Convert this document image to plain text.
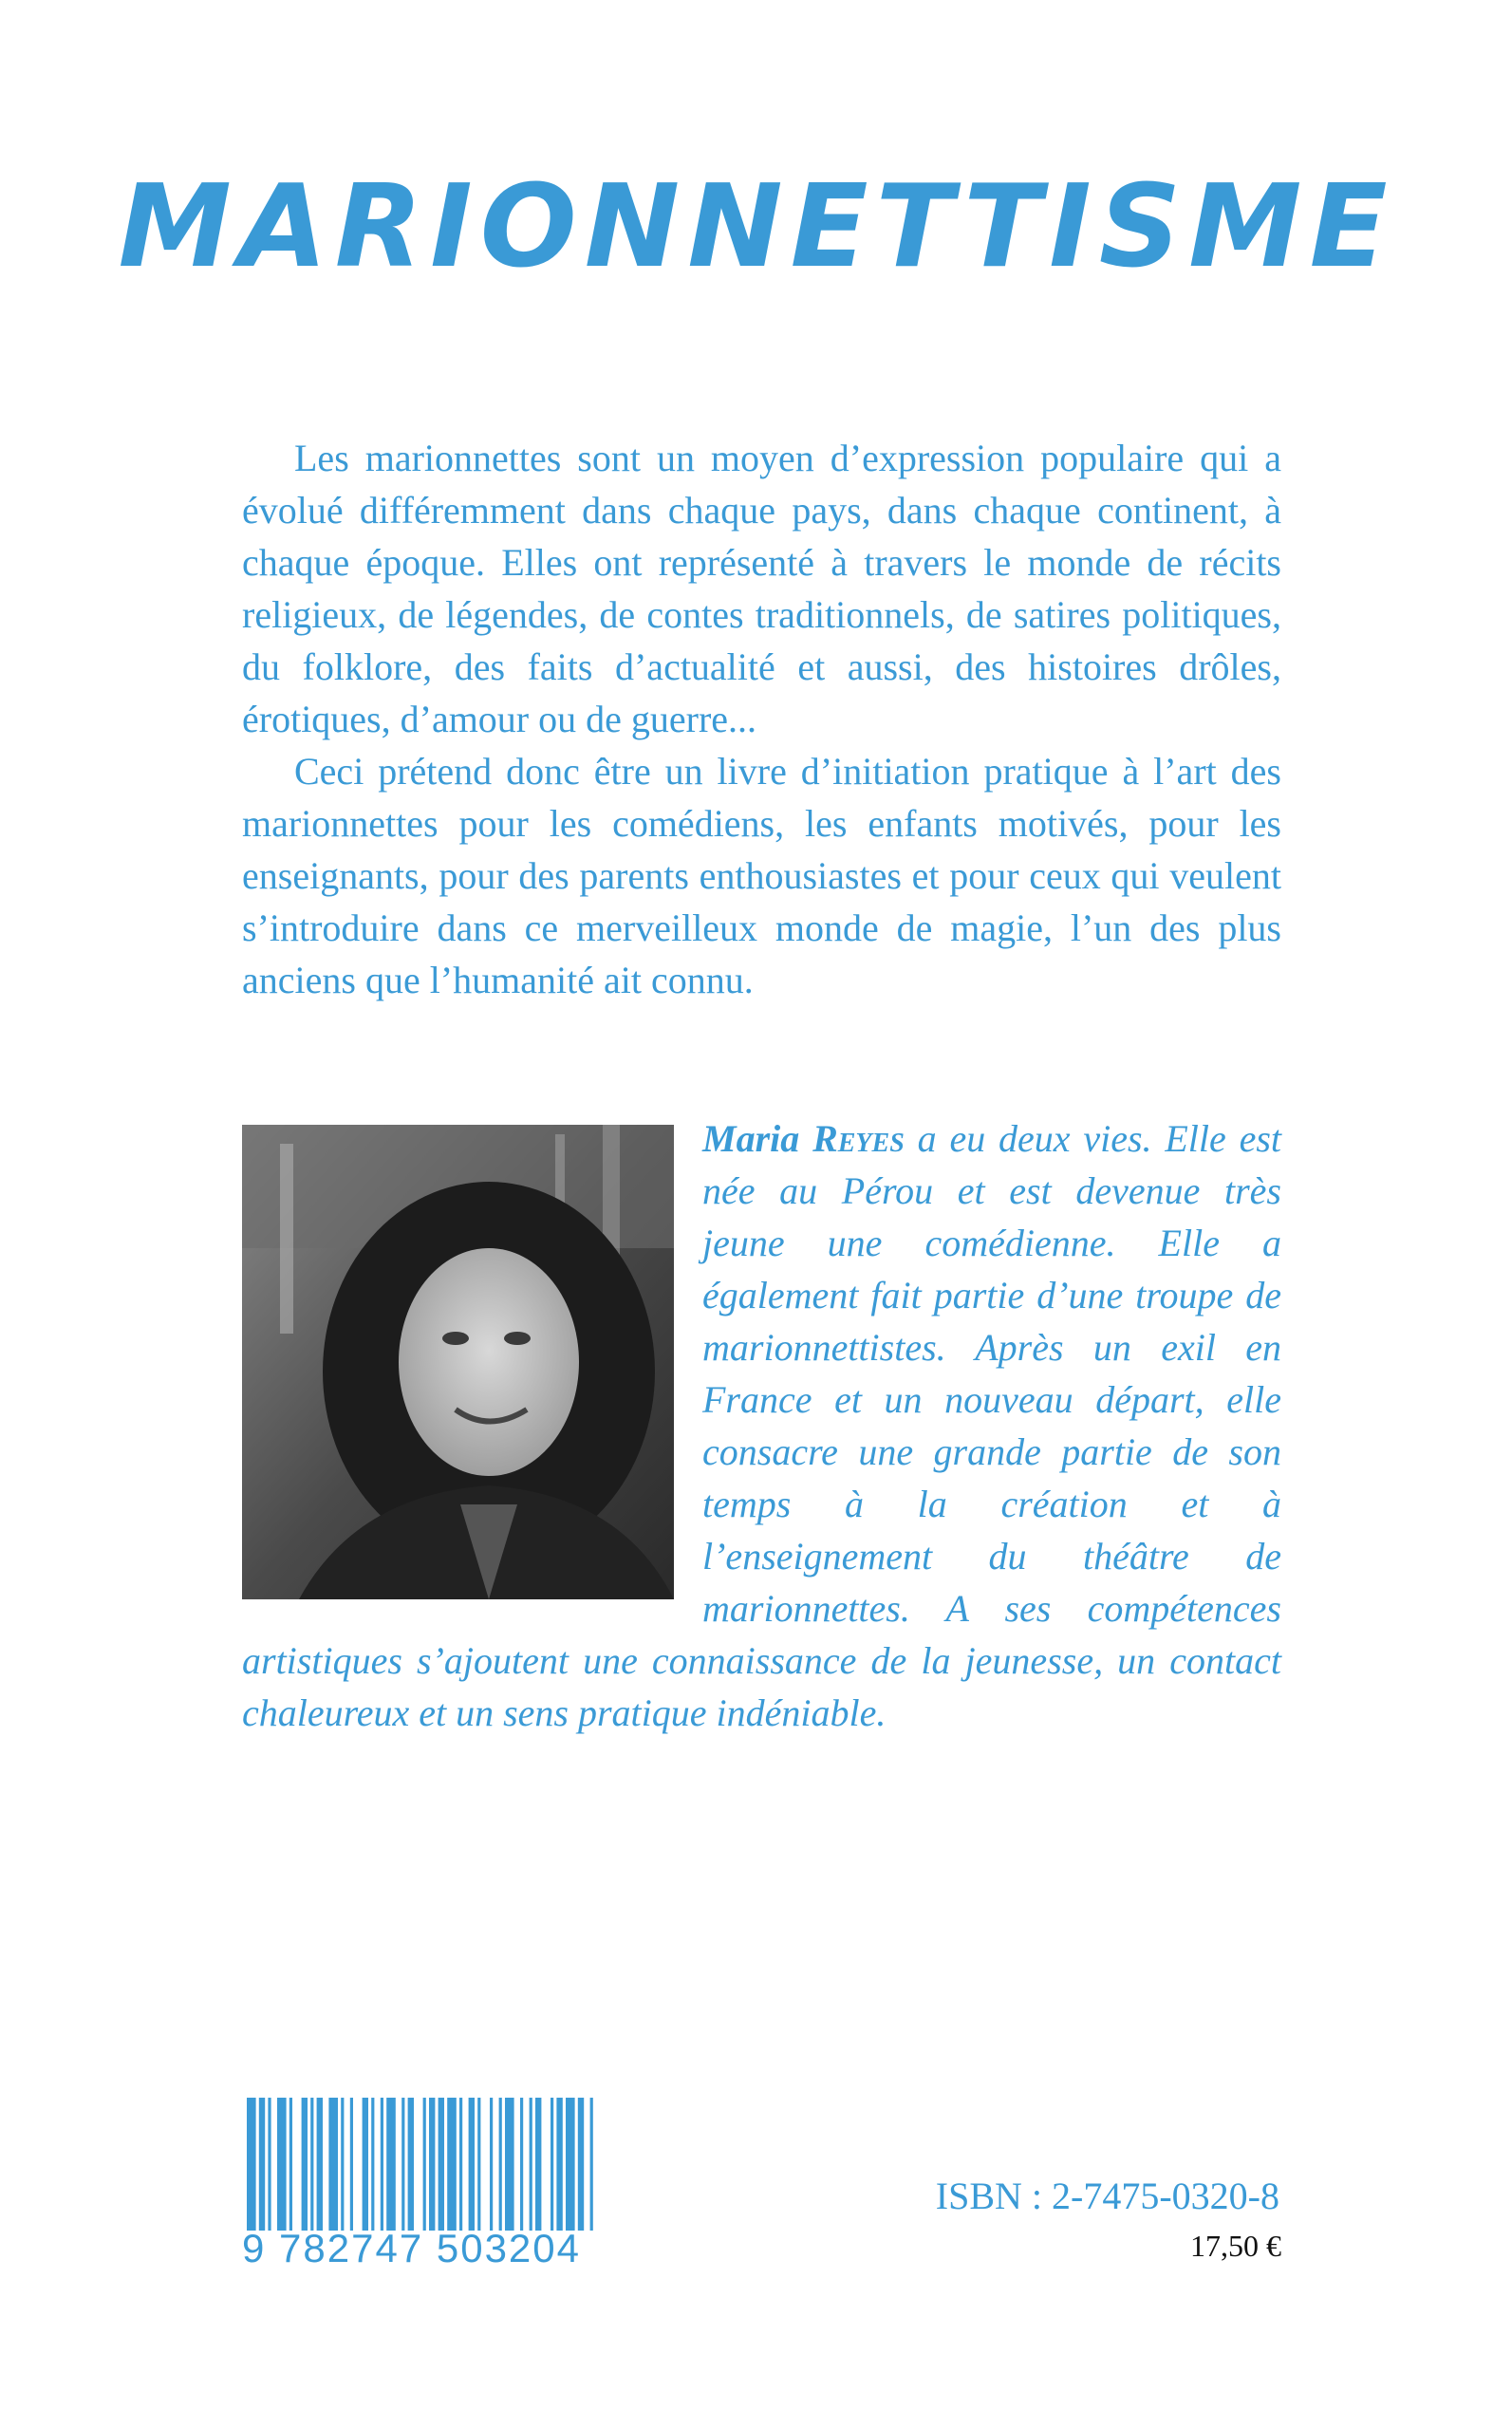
MARIONNETTISME

Les marionnettes sont un moyen d’expression populaire qui a évolué différemment dans chaque pays, dans chaque continent, à chaque époque. Elles ont représenté à travers le monde de récits religieux, de légendes, de contes traditionnels, de satires politiques, du folklore, des faits d’actualité et aussi, des histoires drôles, érotiques, d’amour ou de guerre...

Ceci prétend donc être un livre d’initiation pratique à l’art des marionnettes pour les comédiens, les enfants motivés, pour les enseignants, pour des parents enthousiastes et pour ceux qui veulent s’introduire dans ce merveilleux monde de magie, l’un des plus anciens que l’humanité ait connu.

Maria Reyes a eu deux vies. Elle est née au Pérou et est devenue très jeune une comédienne. Elle a également fait partie d’une troupe de marionnettistes. Après un exil en France et un nouveau départ, elle consacre une grande partie de son temps à la création et à l’enseignement du théâtre de marionnettes. A ses compétences artistiques s’ajoutent une connaissance de la jeunesse, un contact chaleureux et un sens pratique indéniable.
9 782747 503204
ISBN : 2-7475-0320-8
17,50 €
